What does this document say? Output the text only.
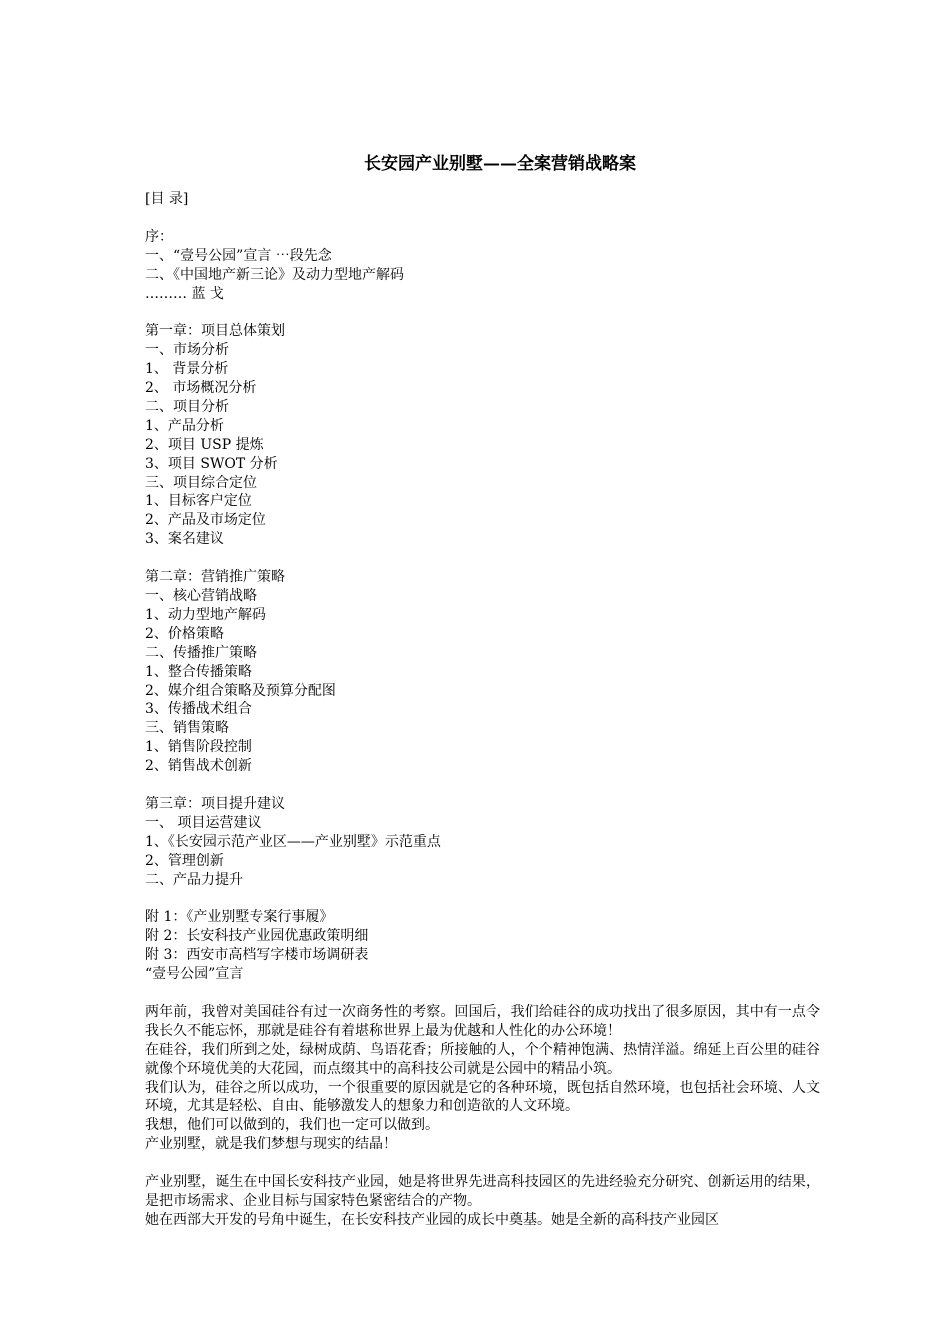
长安园产业别墅——全案营销战略案
[目 录]
序：
一、“壹号公园”宣言 ⋯段先念
二、《中国地产新三论》及动力型地产解码
……… 蓝 戈
第一章：项目总体策划
一、市场分析
1、 背景分析
2、 市场概况分析
二、项目分析
1、产品分析
2、项目 USP 提炼
3、项目 SWOT 分析
三、项目综合定位
1、目标客户定位
2、产品及市场定位
3、案名建议
第二章：营销推广策略
一、核心营销战略
1、动力型地产解码
2、价格策略
二、传播推广策略
1、整合传播策略
2、媒介组合策略及预算分配图
3、传播战术组合
三、销售策略
1、销售阶段控制
2、销售战术创新
第三章：项目提升建议
一、 项目运营建议
1、《长安园示范产业区——产业别墅》示范重点
2、管理创新
二、产品力提升
附 1：《产业别墅专案行事履》
附 2：长安科技产业园优惠政策明细
附 3：西安市高档写字楼市场调研表
“壹号公园”宣言
两年前，我曾对美国硅谷有过一次商务性的考察。回国后，我们给硅谷的成功找出了很多原因，其中有一点令我长久不能忘怀，那就是硅谷有着堪称世界上最为优越和人性化的办公环境！
在硅谷，我们所到之处，绿树成荫、鸟语花香；所接触的人，个个精神饱满、热情洋溢。绵延上百公里的硅谷就像个环境优美的大花园，而点缀其中的高科技公司就是公园中的精品小筑。
我们认为，硅谷之所以成功，一个很重要的原因就是它的各种环境，既包括自然环境，也包括社会环境、人文环境，尤其是轻松、自由、能够激发人的想象力和创造欲的人文环境。
我想，他们可以做到的，我们也一定可以做到。
产业别墅，就是我们梦想与现实的结晶！
产业别墅，诞生在中国长安科技产业园，她是将世界先进高科技园区的先进经验充分研究、创新运用的结果，是把市场需求、企业目标与国家特色紧密结合的产物。
她在西部大开发的号角中诞生，在长安科技产业园的成长中奠基。她是全新的高科技产业园区
